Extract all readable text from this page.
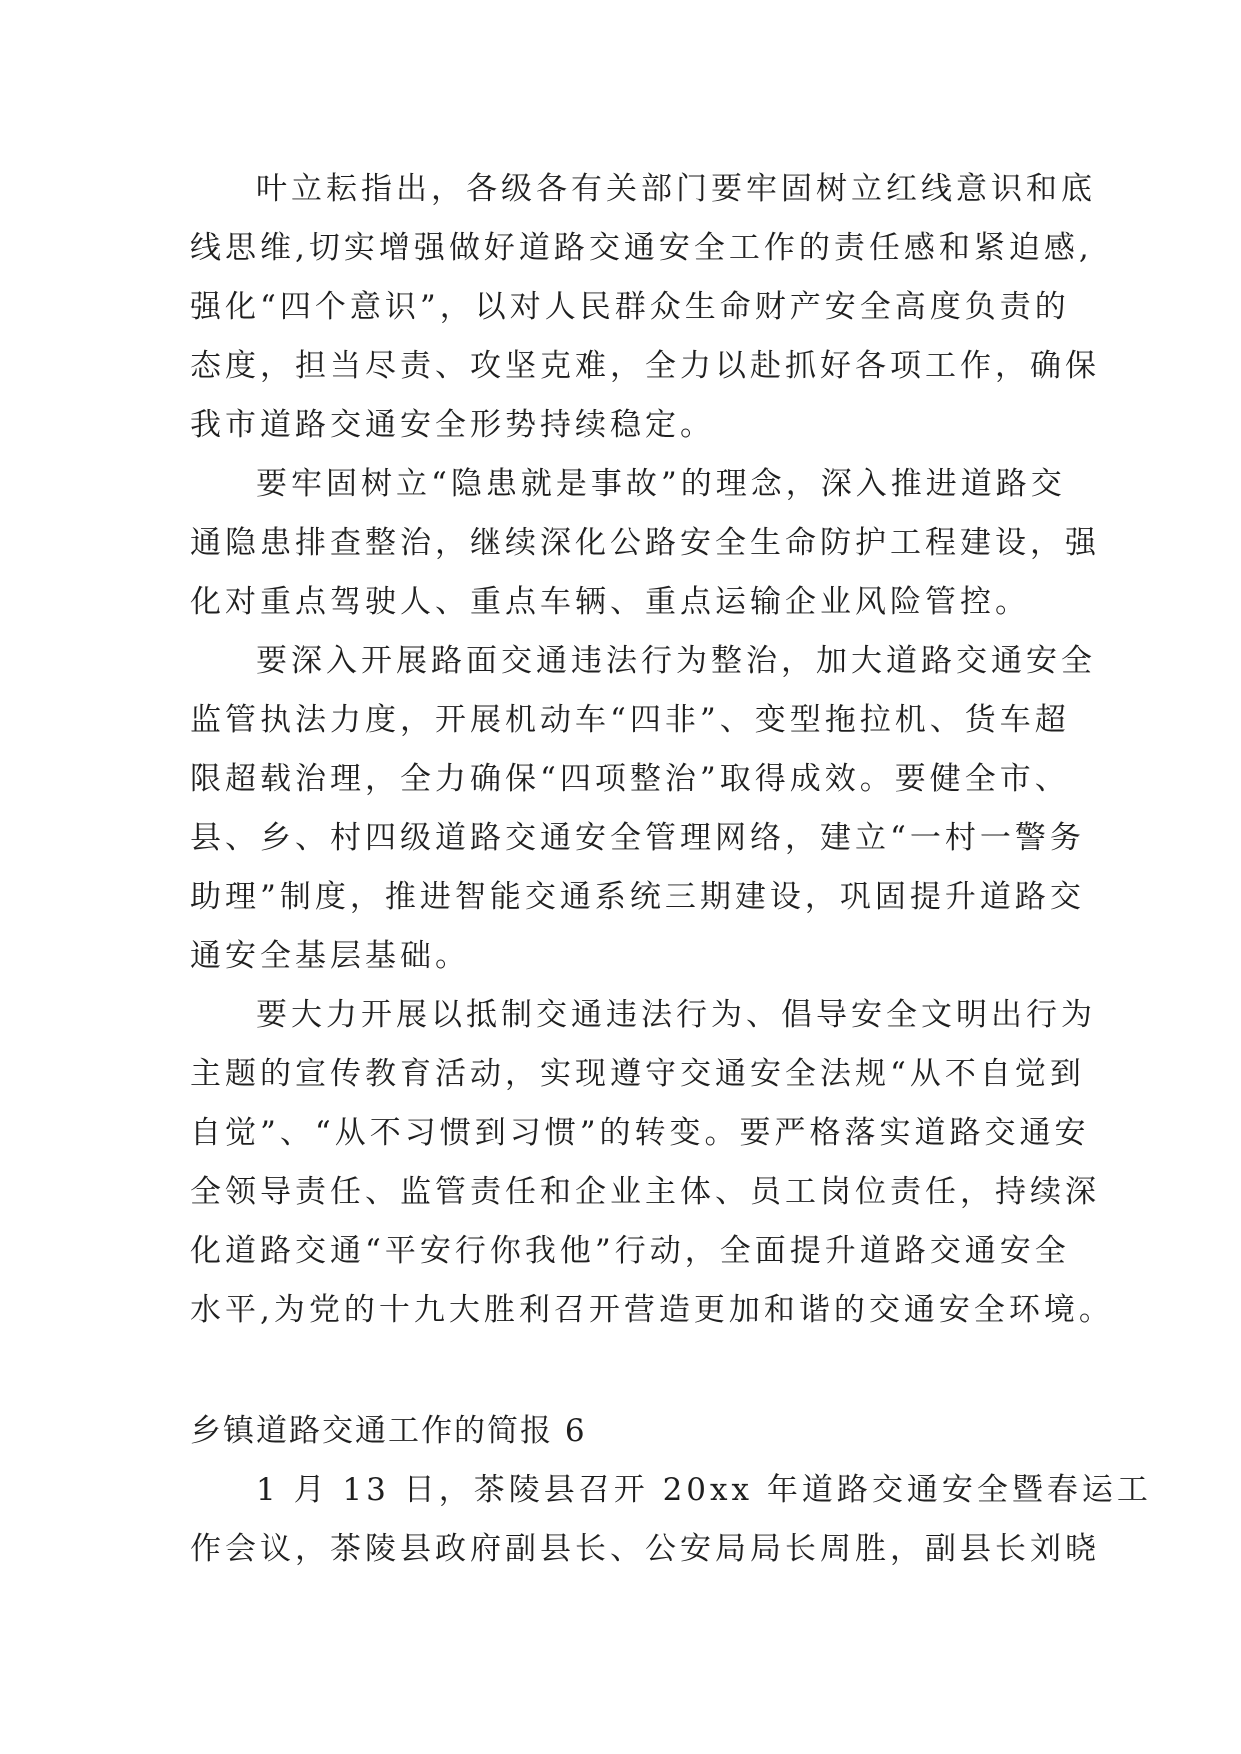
叶立耘指出，各级各有关部门要牢固树立红线意识和底
线思维,切实增强做好道路交通安全工作的责任感和紧迫感,
强化“四个意识”，以对人民群众生命财产安全高度负责的
态度，担当尽责、攻坚克难，全力以赴抓好各项工作，确保
我市道路交通安全形势持续稳定。
要牢固树立“隐患就是事故”的理念，深入推进道路交
通隐患排查整治，继续深化公路安全生命防护工程建设，强
化对重点驾驶人、重点车辆、重点运输企业风险管控。
要深入开展路面交通违法行为整治，加大道路交通安全
监管执法力度，开展机动车“四非”、变型拖拉机、货车超
限超载治理，全力确保“四项整治”取得成效。要健全市、
县、乡、村四级道路交通安全管理网络，建立“一村一警务
助理”制度，推进智能交通系统三期建设，巩固提升道路交
通安全基层基础。
要大力开展以抵制交通违法行为、倡导安全文明出行为
主题的宣传教育活动，实现遵守交通安全法规“从不自觉到
自觉”、“从不习惯到习惯”的转变。要严格落实道路交通安
全领导责任、监管责任和企业主体、员工岗位责任，持续深
化道路交通“平安行你我他”行动，全面提升道路交通安全
水平,为党的十九大胜利召开营造更加和谐的交通安全环境。
乡镇道路交通工作的简报 6
1 月 13 日，茶陵县召开 20xx 年道路交通安全暨春运工
作会议，茶陵县政府副县长、公安局局长周胜，副县长刘晓
